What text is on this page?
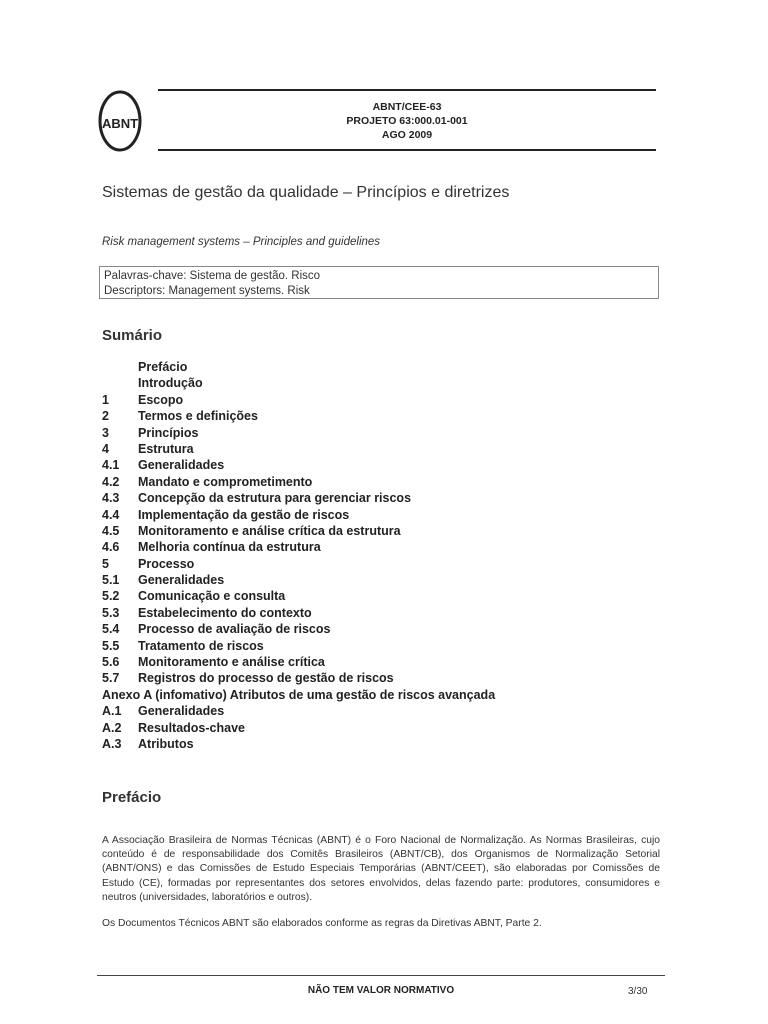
ABNT
ABNT/CEE-63
PROJETO 63:000.01-001
AGO 2009
Sistemas de gestão da qualidade – Princípios e diretrizes
Risk management systems – Principles and guidelines
Palavras-chave: Sistema de gestão. Risco
Descriptors: Management systems. Risk
Sumário
Prefácio
Introdução
1 Escopo
2 Termos e definições
3 Princípios
4 Estrutura
4.1 Generalidades
4.2 Mandato e comprometimento
4.3 Concepção da estrutura para gerenciar riscos
4.4 Implementação da gestão de riscos
4.5 Monitoramento e análise crítica da estrutura
4.6 Melhoria contínua da estrutura
5 Processo
5.1 Generalidades
5.2 Comunicação e consulta
5.3 Estabelecimento do contexto
5.4 Processo de avaliação de riscos
5.5 Tratamento de riscos
5.6 Monitoramento e análise crítica
5.7 Registros do processo de gestão de riscos
Anexo A (infomativo) Atributos de uma gestão de riscos avançada
A.1 Generalidades
A.2 Resultados-chave
A.3 Atributos
Prefácio

A Associação Brasileira de Normas Técnicas (ABNT) é o Foro Nacional de Normalização. As Normas Brasileiras, cujo conteúdo é de responsabilidade dos Comitês Brasileiros (ABNT/CB), dos Organismos de Normalização Setorial (ABNT/ONS) e das Comissões de Estudo Especiais Temporárias (ABNT/CEET), são elaboradas por Comissões de Estudo (CE), formadas por representantes dos setores envolvidos, delas fazendo parte: produtores, consumidores e neutros (universidades, laboratórios e outros).

Os Documentos Técnicos ABNT são elaborados conforme as regras da Diretivas ABNT, Parte 2.

NÃO TEM VALOR NORMATIVO	3/30
